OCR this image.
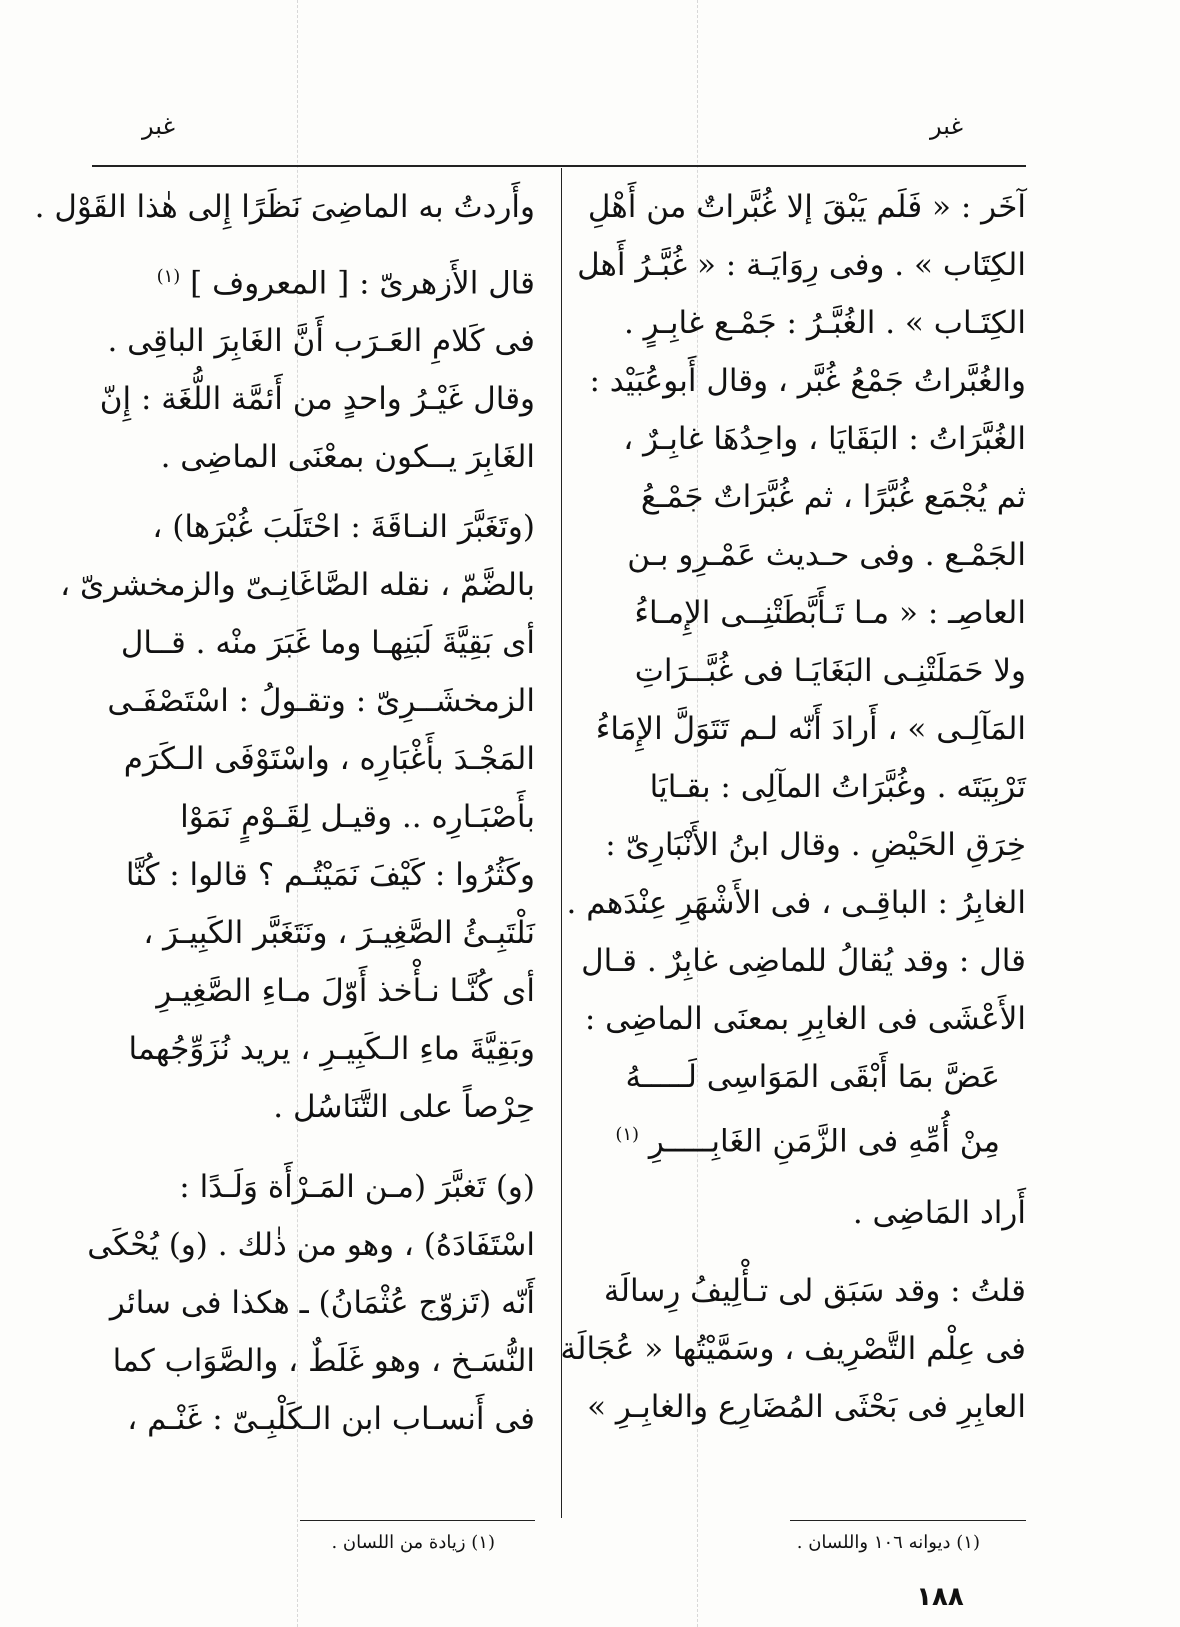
غبر
غبر
آخَر : « فَلَم يَبْقَ إلا غُبَّراتٌ من أَهْلِ
الكِتَاب » . وفى رِوَايَـة : « غُبَّـرُ أَهل
الكِتَـاب » . الغُبَّـرُ : جَمْـع غابِـرٍ .
والغُبَّراتُ جَمْعُ غُبَّر ، وقال أَبوعُبَيْد :
الغُبَّرَاتُ : البَقَايَا ، واحِدُهَا غابِـرٌ ،
ثم يُجْمَع غُبَّرًا ، ثم غُبَّرَاتٌ جَمْـعُ
الجَمْـع . وفى حـديث عَمْـرِو بـن
العاصِـ : « مـا تَـأَبَّطَتْنِــى الإِمـاءُ
ولا حَمَلَتْنِـى البَغَايَـا فى غُبَّــرَاتِ
المَآلِـى » ، أَرادَ أَنّه لـم تَتَوَلَّ الإِمَاءُ
تَرْبِيَتَه . وغُبَّرَاتُ المآلِى : بقـايَا
خِرَقِ الحَيْضِ . وقال ابنُ الأَنْبَارِىّ :
الغابِرُ : الباقِـى ، فى الأَشْهَرِ عِنْدَهم .
قال : وقد يُقالُ للماضِى غابِرٌ . قـال
الأَعْشَى فى الغابِرِ بمعنَى الماضِى :
عَضَّ بمَا أَبْقَى المَوَاسِى لَـــــهُ
مِنْ أُمِّهِ فى الزَّمَنِ الغَابِـــــرِ $^{(١)}$
أَراد المَاضِى .
قلتُ : وقد سَبَق لى تـأْلِيفُ رِسالَة
فى عِلْم التَّصْرِيف ، وسَمَّيْتُها « عُجَالَة
العابِرِ فى بَحْثَى المُضَارِع والغابِـرِ »
وأَردتُ به الماضِىَ نَظَرًا إِلى هٰذا القَوْل .
قال الأَزهرىّ : [ المعروف ] $^{(١)}$
فى كَلامِ العَـرَب أَنَّ الغَابِرَ الباقِى .
وقال غَيْـرُ واحدٍ من أَئمَّة اللُّغَة : إِنّ
الغَابِرَ يــكون بمعْنَى الماضِى .
(وتَغَبَّرَ النـاقَةَ : احْتَلَبَ غُبْرَها) ،
بالضَّمّ ، نقله الصَّاغَانِـىّ والزمخشرىّ ،
أى بَقِيَّةَ لَبَنِهـا وما غَبَرَ منْه . قــال
الزمخشَــرِىّ : وتقـولُ : اسْتَصْفَـى
المَجْـدَ بأَغْبَارِه ، واسْتَوْفَى الـكَرَم
بأَصْبَـارِه .. وقيـل لِقَـوْمٍ نَمَوْا
وكَثُرُوا : كَيْفَ نَمَيْتُـم ؟ قالوا : كُنَّا
نَلْتَبِـئُ الصَّغِيـرَ ، ونَتَغَبَّر الكَبِيـرَ ،
أى كُنَّـا نـأْخذ أَوّلَ مـاءِ الصَّغِيـرِ
وبَقِيَّةَ ماءِ الـكَبِيـرِ ، يريد نُزَوِّجُهما
حِرْصاً على التَّنَاسُل .
(و) تَغبَّرَ (مـن المَـرْأَة وَلَـدًا :
اسْتَفَادَهُ) ، وهو من ذٰلك . (و) يُحْكَى
أَنّه (تَزوّج عُثْمَانُ) ـ هكذا فى سائر
النُّسَـخ ، وهو غَلَطٌ ، والصَّوَاب كما
فى أَنسـاب ابن الـكَلْبِـىّ : غَنْـم ،
(١) ديوانه ١٠٦ واللسان .
(١) زيادة من اللسان .
١٨٨
